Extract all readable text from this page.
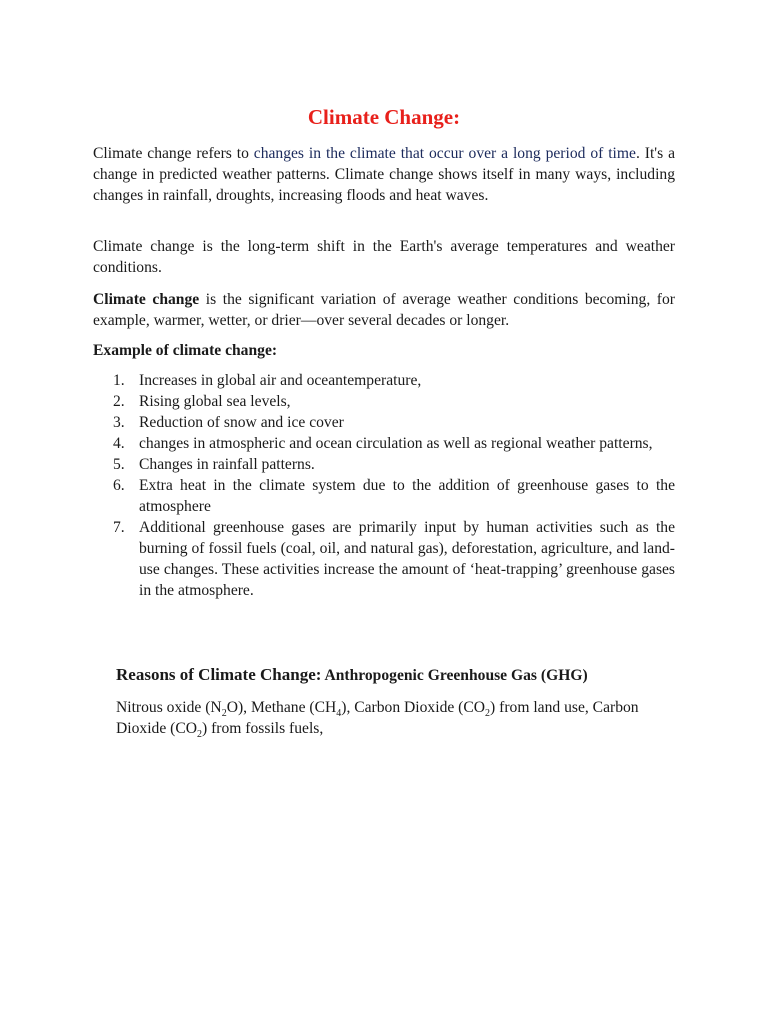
Climate Change:

Climate change refers to changes in the climate that occur over a long period of time. It's a change in predicted weather patterns. Climate change shows itself in many ways, including changes in rainfall, droughts, increasing floods and heat waves.

Climate change is the long-term shift in the Earth's average temperatures and weather conditions.

Climate change is the significant variation of average weather conditions becoming, for example, warmer, wetter, or drier—over several decades or longer.

Example of climate change:

1. Increases in global air and oceantemperature,
2. Rising global sea levels,
3. Reduction of snow and ice cover
4. changes in atmospheric and ocean circulation as well as regional weather patterns,
5. Changes in rainfall patterns.
6. Extra heat in the climate system due to the addition of greenhouse gases to the atmosphere
7. Additional greenhouse gases are primarily input by human activities such as the burning of fossil fuels (coal, oil, and natural gas), deforestation, agriculture, and land-use changes. These activities increase the amount of ‘heat-trapping’ greenhouse gases in the atmosphere.

Reasons of Climate Change: Anthropogenic Greenhouse Gas (GHG)

Nitrous oxide $(N_2O)$, Methane $(CH_4)$, Carbon Dioxide $(CO_2)$ from land use, Carbon Dioxide $(CO_2)$ from fossils fuels,
